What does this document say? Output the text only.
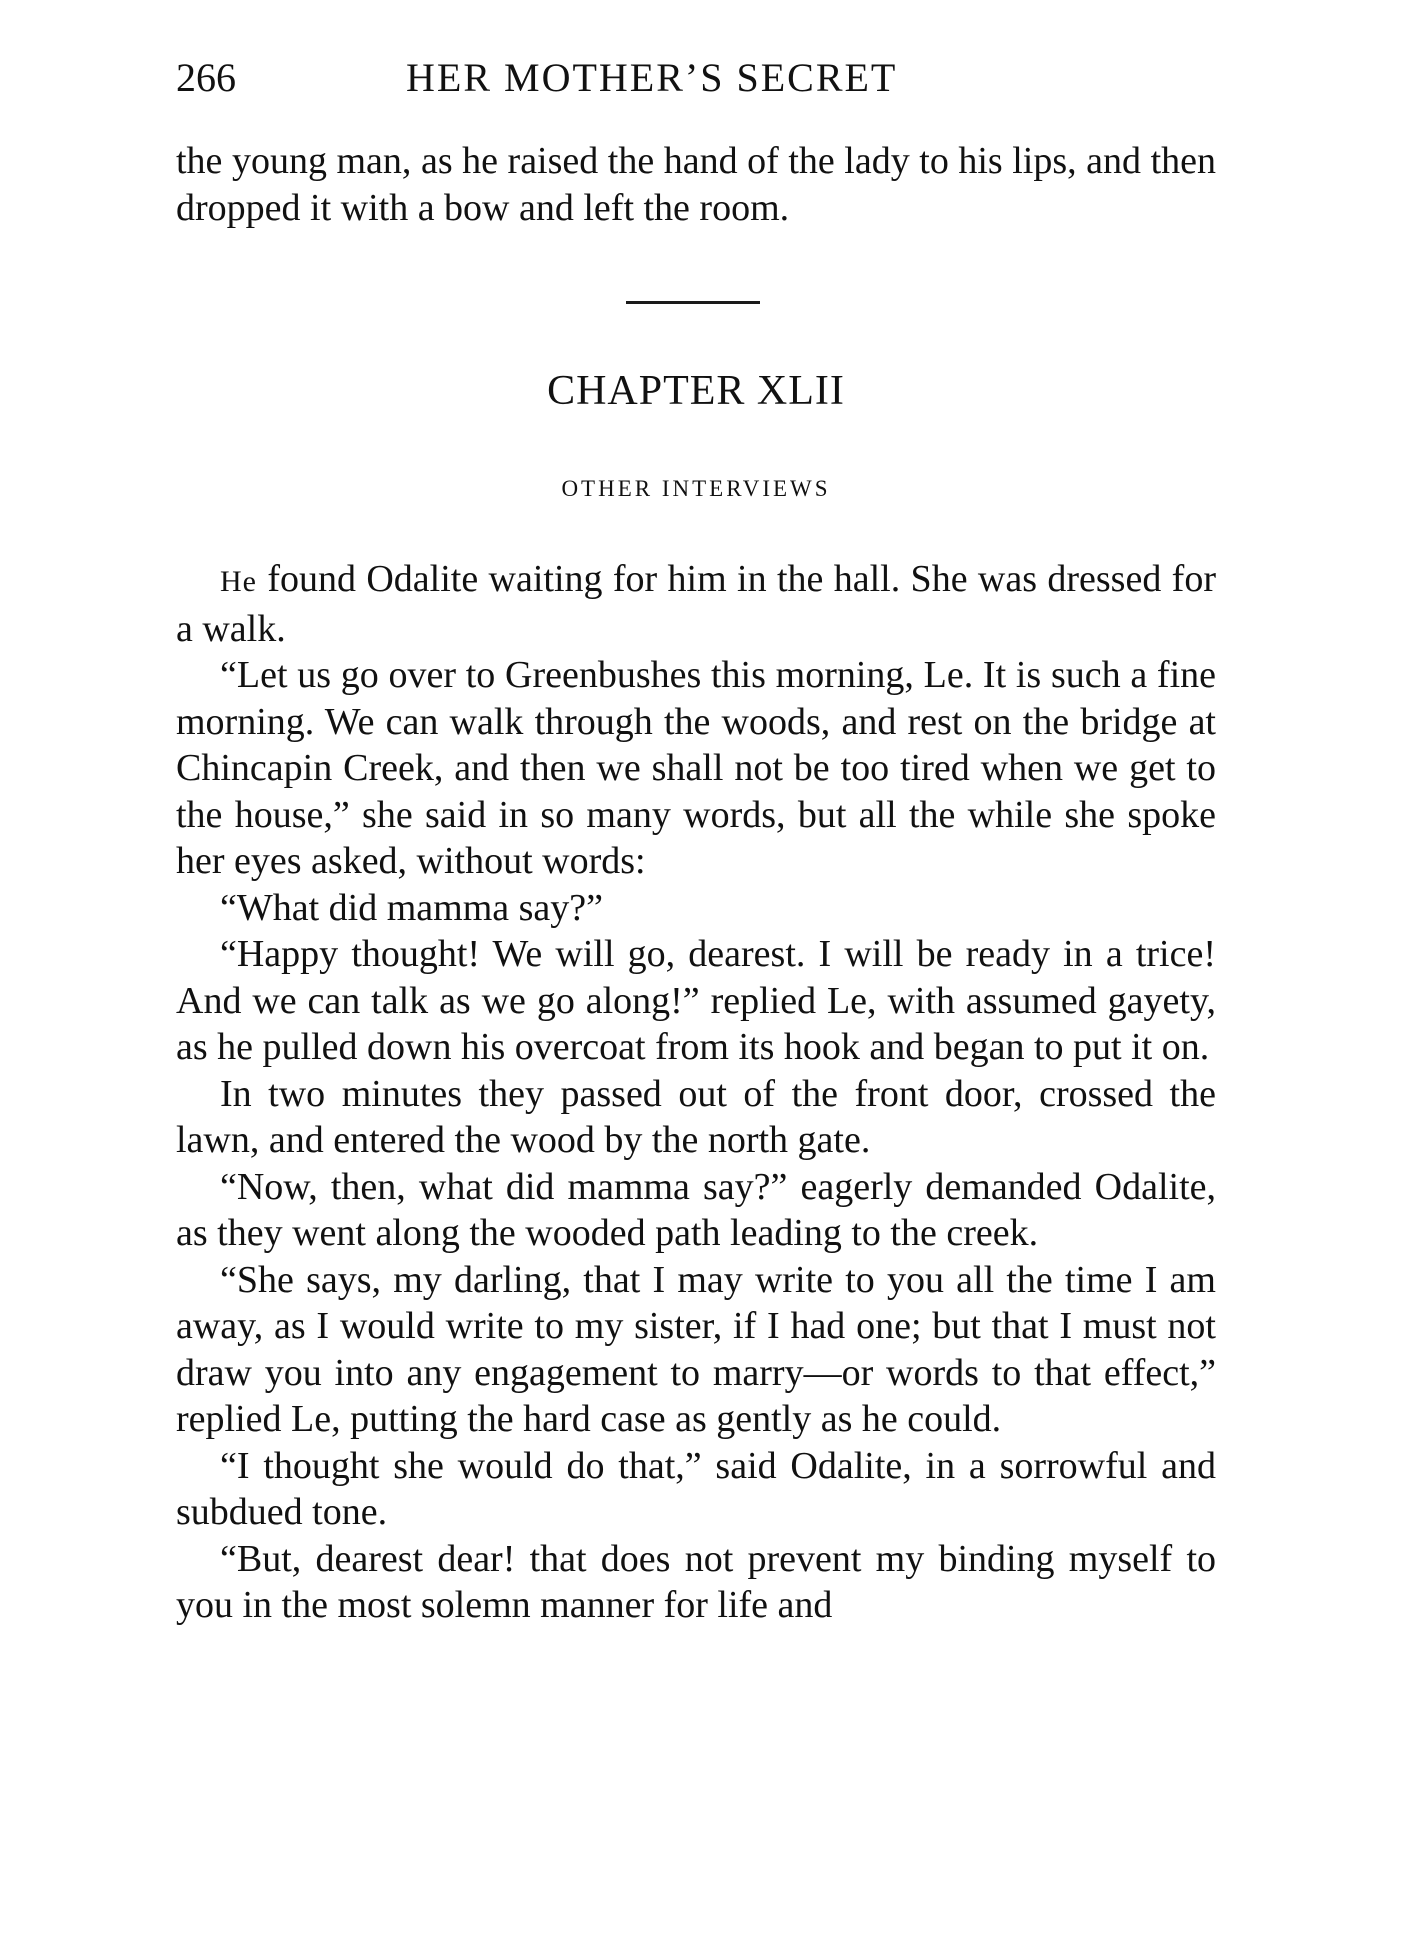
266	HER MOTHER’S SECRET

the young man, as he raised the hand of the lady to his lips, and then dropped it with a bow and left the room.

CHAPTER XLII
OTHER INTERVIEWS

He found Odalite waiting for him in the hall. She was dressed for a walk.

“Let us go over to Greenbushes this morning, Le. It is such a fine morning. We can walk through the woods, and rest on the bridge at Chincapin Creek, and then we shall not be too tired when we get to the house,” she said in so many words, but all the while she spoke her eyes asked, without words:

“What did mamma say?”

“Happy thought! We will go, dearest. I will be ready in a trice! And we can talk as we go along!” replied Le, with assumed gayety, as he pulled down his overcoat from its hook and began to put it on.

In two minutes they passed out of the front door, crossed the lawn, and entered the wood by the north gate.

“Now, then, what did mamma say?” eagerly demanded Odalite, as they went along the wooded path leading to the creek.

“She says, my darling, that I may write to you all the time I am away, as I would write to my sister, if I had one; but that I must not draw you into any engagement to marry—or words to that effect,” replied Le, putting the hard case as gently as he could.

“I thought she would do that,” said Odalite, in a sorrowful and subdued tone.

“But, dearest dear! that does not prevent my binding myself to you in the most solemn manner for life and
